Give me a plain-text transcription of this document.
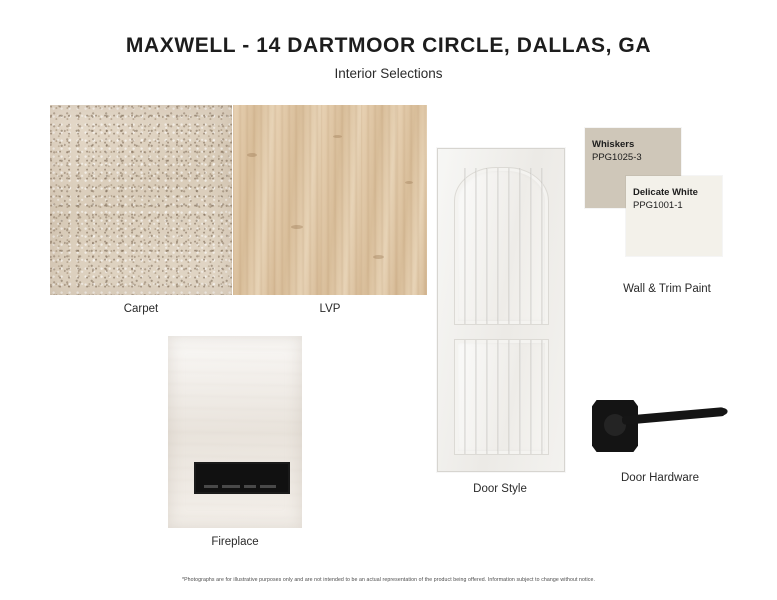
MAXWELL - 14 DARTMOOR CIRCLE, DALLAS, GA
Interior Selections
Carpet	LVP
Fireplace
Door Style
Whiskers
PPG1025-3
Delicate White
PPG1001-1
Wall & Trim Paint
Door Hardware
*Photographs are for illustrative purposes only and are not intended to be an actual representation of the product being offered. Information subject to change without notice.
